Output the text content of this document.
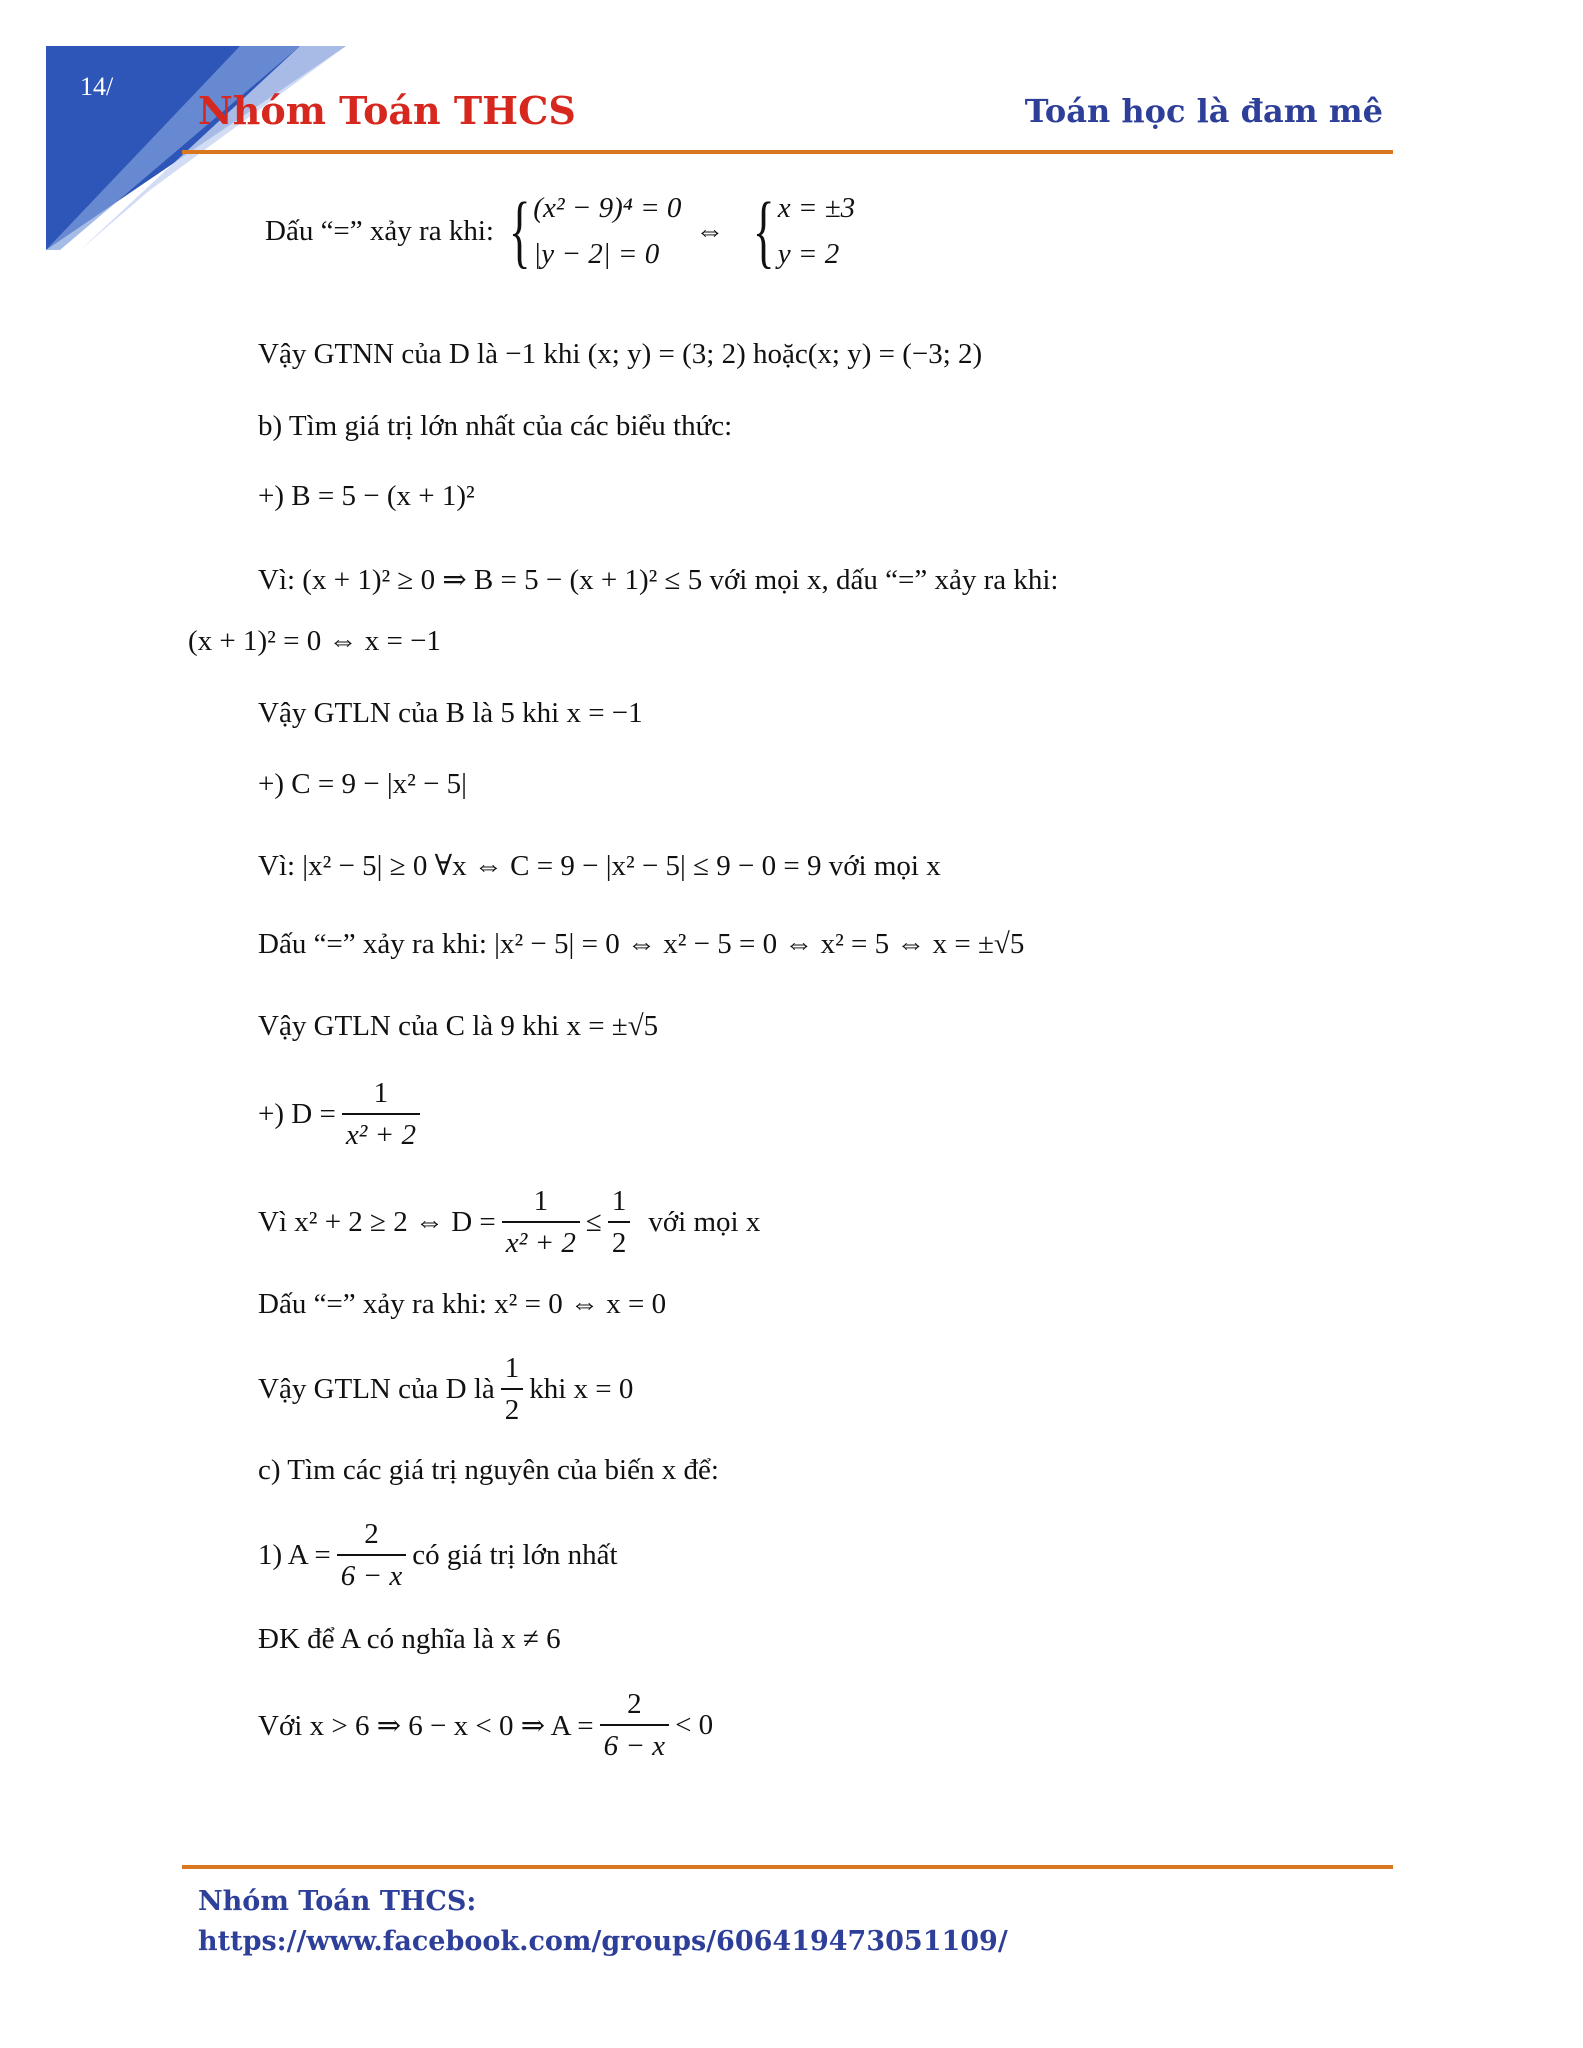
14/
Nhóm Toán THCS	Toán học là đam mê
Dấu “=” xảy ra khi: { (x² − 9)⁴ = 0
|y − 2| = 0
⇔ { x = ±3
y = 2
Vậy GTNN của D là −1 khi (x; y) = (3; 2) hoặc(x; y) = (−3; 2)
b) Tìm giá trị lớn nhất của các biểu thức:
+) B = 5 − (x + 1)²
Vì: (x + 1)² ≥ 0 ⇒ B = 5 − (x + 1)² ≤ 5 với mọi x, dấu “=” xảy ra khi:
(x + 1)² = 0 ⇔ x = −1
Vậy GTLN của B là 5 khi x = −1
+) C = 9 − |x² − 5|
Vì: |x² − 5| ≥ 0 ∀x ⇔ C = 9 − |x² − 5| ≤ 9 − 0 = 9 với mọi x
Dấu “=” xảy ra khi: |x² − 5| = 0 ⇔ x² − 5 = 0 ⇔ x² = 5 ⇔ x = ±√5
Vậy GTLN của C là 9 khi x = ±√5
+) $D = \frac{1}{\text{x² + 2}}$
Vì x² + 2 ≥ 2 ⇔ $D = \frac{1}{\text{x² + 2}} \le \frac{1}{2}$ với mọi x
Dấu “=” xảy ra khi: x² = 0 ⇔ x = 0
Vậy GTLN của D là $\frac{1}{2}$ khi x = 0
c) Tìm các giá trị nguyên của biến x để:
1) $A = \frac{2}{6 - x}$ có giá trị lớn nhất
ĐK để A có nghĩa là x ≠ 6
Với x > 6 ⇒ 6 − x < 0 ⇒ $A = \frac{2}{6 - x} < 0$
Nhóm Toán THCS:
https://www.facebook.com/groups/606419473051109/
